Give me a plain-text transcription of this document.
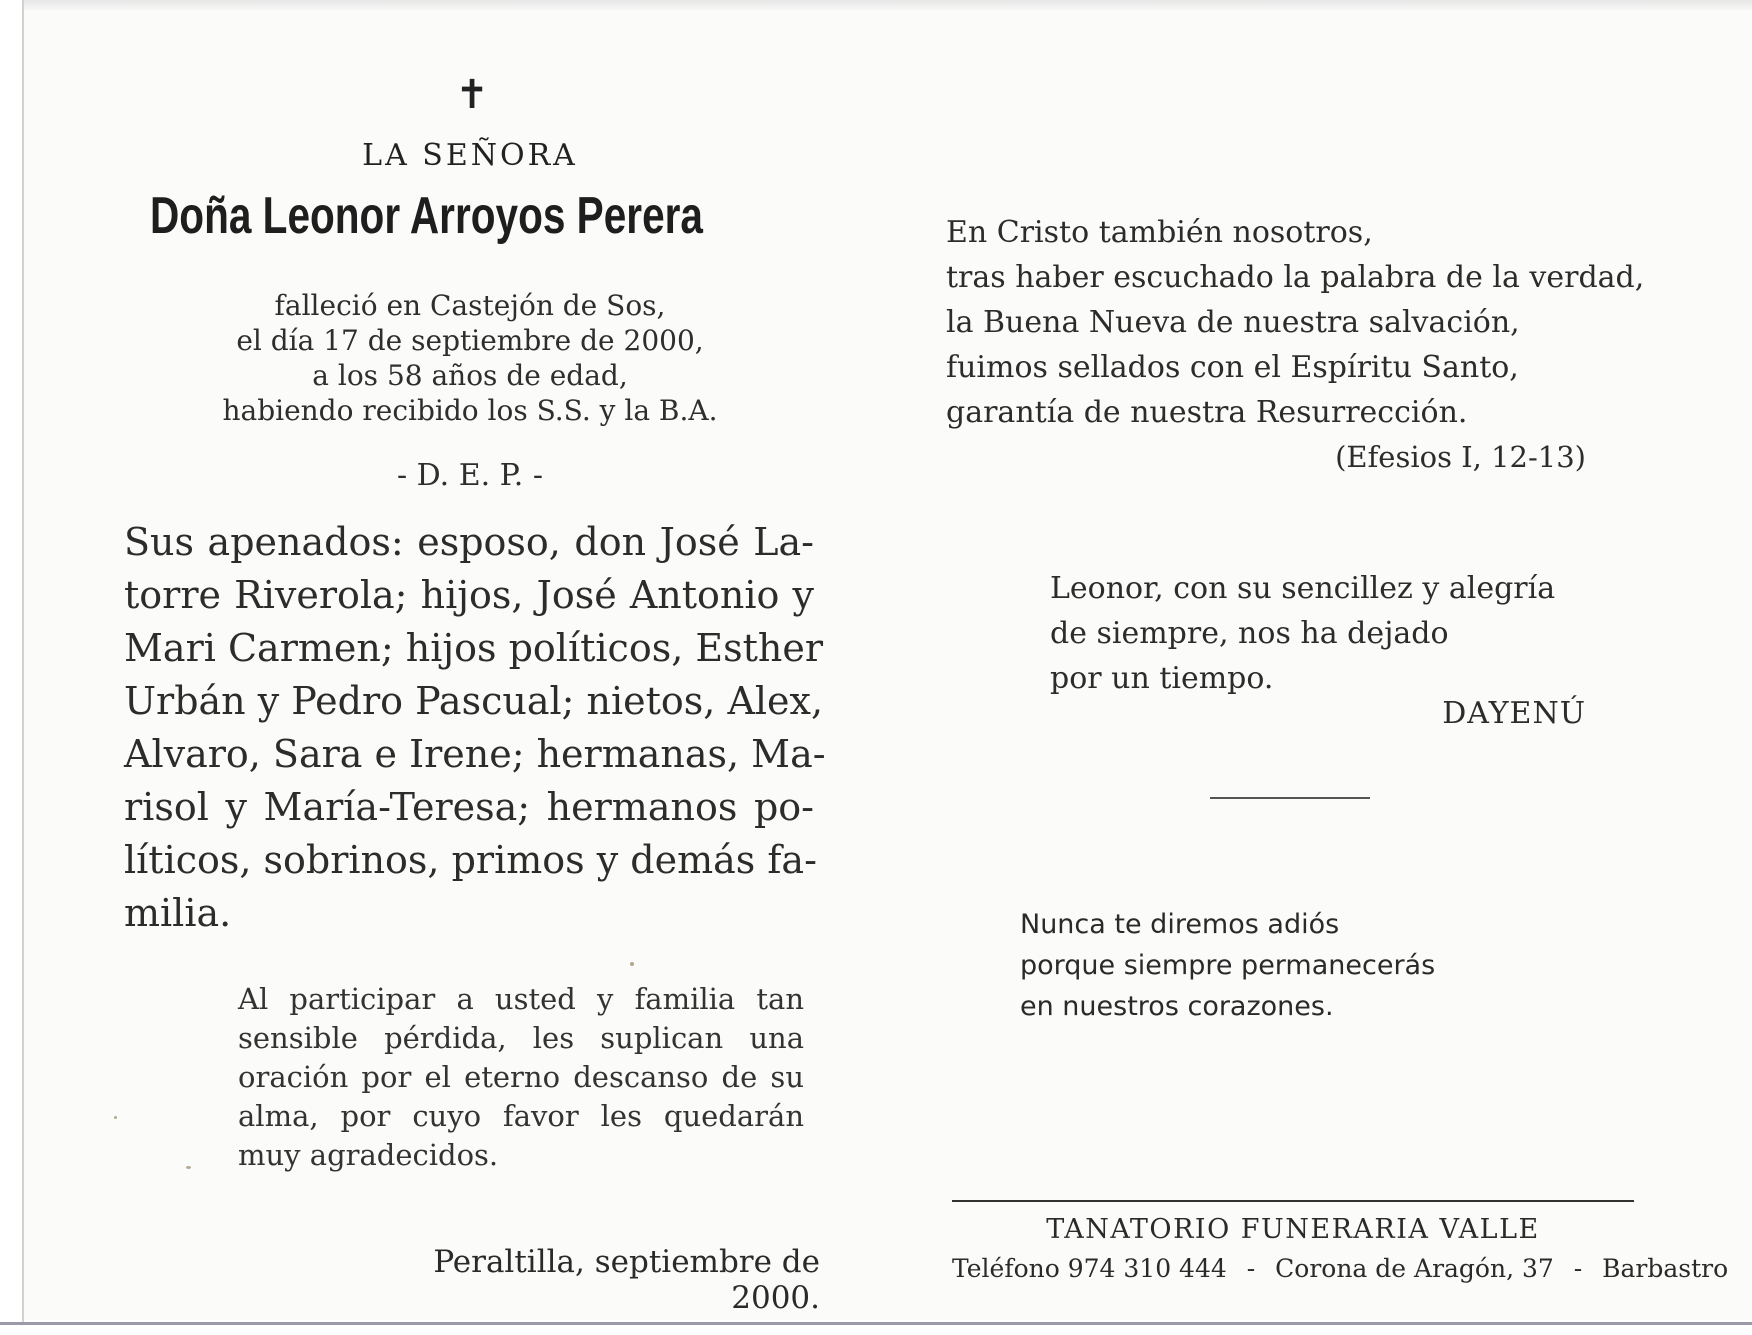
✝
LA SEÑORA
Doña Leonor Arroyos Perera
falleció en Castejón de Sos,
el día 17 de septiembre de 2000,
a los 58 años de edad,
habiendo recibido los S.S. y la B.A.
- D. E. P. -
Sus apenados: esposo, don José La-
torre Riverola; hijos, José Antonio y
Mari Carmen; hijos políticos, Esther
Urbán y Pedro Pascual; nietos, Alex,
Alvaro, Sara e Irene; hermanas, Ma-
risol y María-Teresa; hermanos po-
líticos, sobrinos, primos y demás fa-
milia.
Al participar a usted y familia tan
sensible pérdida, les suplican una
oración por el eterno descanso de su
alma, por cuyo favor les quedarán
muy agradecidos.
Peraltilla, septiembre de 2000.
En Cristo también nosotros,
tras haber escuchado la palabra de la verdad,
la Buena Nueva de nuestra salvación,
fuimos sellados con el Espíritu Santo,
garantía de nuestra Resurrección.
(Efesios I, 12-13)
Leonor, con su sencillez y alegría
de siempre, nos ha dejado
por un tiempo.
DAYENÚ
Nunca te diremos adiós
porque siempre permanecerás
en nuestros corazones.
TANATORIO FUNERARIA VALLE
Teléfono 974 310 444 - Corona de Aragón, 37 - Barbastro
